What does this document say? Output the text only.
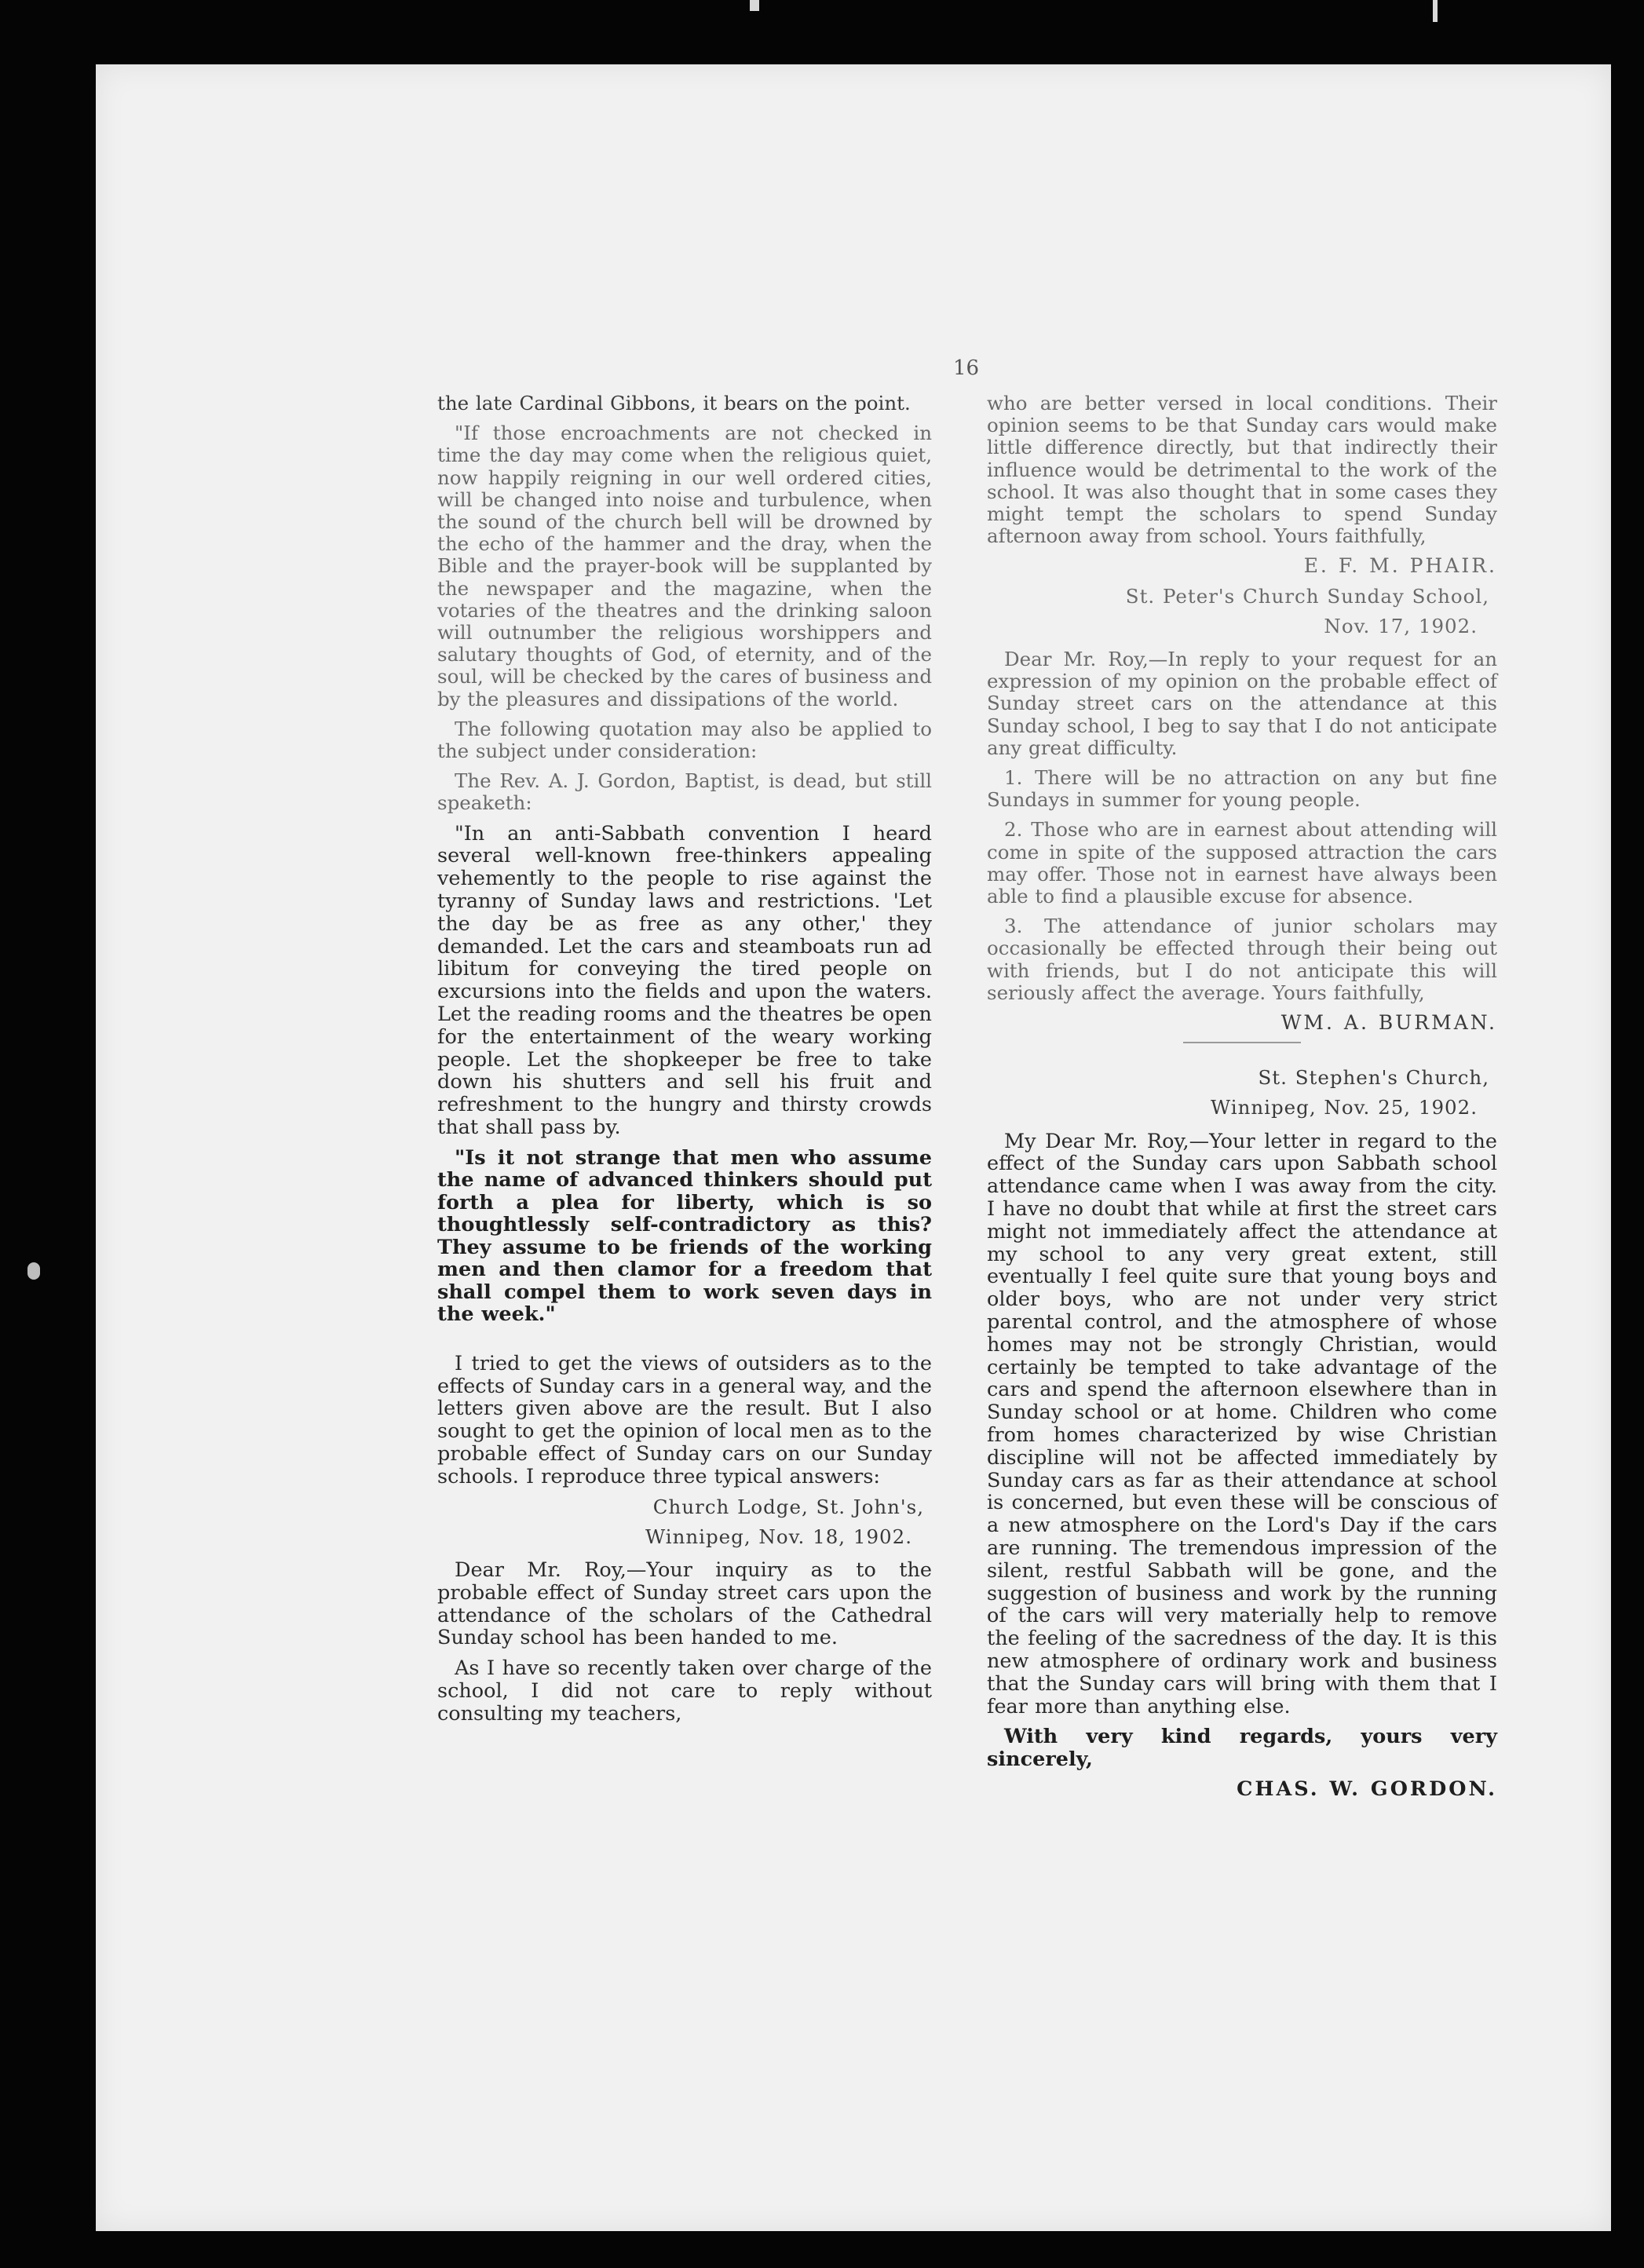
16

the late Cardinal Gibbons, it bears on the point.

"If those encroachments are not checked in time the day may come when the religious quiet, now happily reigning in our well ordered cities, will be changed into noise and turbulence, when the sound of the church bell will be drowned by the echo of the hammer and the dray, when the Bible and the prayer-book will be supplanted by the newspaper and the magazine, when the votaries of the theatres and the drinking saloon will outnumber the religious worshippers and salutary thoughts of God, of eternity, and of the soul, will be checked by the cares of business and by the pleasures and dissipations of the world.

The following quotation may also be applied to the subject under consideration:

The Rev. A. J. Gordon, Baptist, is dead, but still speaketh:

"In an anti-Sabbath convention I heard several well-known free-thinkers appealing vehemently to the people to rise against the tyranny of Sunday laws and restrictions. 'Let the day be as free as any other,' they demanded. Let the cars and steamboats run ad libitum for conveying the tired people on excursions into the fields and upon the waters. Let the reading rooms and the theatres be open for the entertainment of the weary working people. Let the shopkeeper be free to take down his shutters and sell his fruit and refreshment to the hungry and thirsty crowds that shall pass by.

"Is it not strange that men who assume the name of advanced thinkers should put forth a plea for liberty, which is so thoughtlessly self-contradictory as this? They assume to be friends of the working men and then clamor for a freedom that shall compel them to work seven days in the week."

I tried to get the views of outsiders as to the effects of Sunday cars in a general way, and the letters given above are the result. But I also sought to get the opinion of local men as to the probable effect of Sunday cars on our Sunday schools. I reproduce three typical answers:

Church Lodge, St. John's,

Winnipeg, Nov. 18, 1902.

Dear Mr. Roy,—Your inquiry as to the probable effect of Sunday street cars upon the attendance of the scholars of the Cathedral Sunday school has been handed to me.

As I have so recently taken over charge of the school, I did not care to reply without consulting my teachers,

who are better versed in local conditions. Their opinion seems to be that Sunday cars would make little difference directly, but that indirectly their influence would be detrimental to the work of the school. It was also thought that in some cases they might tempt the scholars to spend Sunday afternoon away from school. Yours faithfully,

E. F. M. PHAIR.

St. Peter's Church Sunday School,

Nov. 17, 1902.

Dear Mr. Roy,—In reply to your request for an expression of my opinion on the probable effect of Sunday street cars on the attendance at this Sunday school, I beg to say that I do not anticipate any great difficulty.

1. There will be no attraction on any but fine Sundays in summer for young people.

2. Those who are in earnest about attending will come in spite of the supposed attraction the cars may offer. Those not in earnest have always been able to find a plausible excuse for absence.

3. The attendance of junior scholars may occasionally be effected through their being out with friends, but I do not anticipate this will seriously affect the average. Yours faithfully,

WM. A. BURMAN.

St. Stephen's Church,

Winnipeg, Nov. 25, 1902.

My Dear Mr. Roy,—Your letter in regard to the effect of the Sunday cars upon Sabbath school attendance came when I was away from the city. I have no doubt that while at first the street cars might not immediately affect the attendance at my school to any very great extent, still eventually I feel quite sure that young boys and older boys, who are not under very strict parental control, and the atmosphere of whose homes may not be strongly Christian, would certainly be tempted to take advantage of the cars and spend the afternoon elsewhere than in Sunday school or at home. Children who come from homes characterized by wise Christian discipline will not be affected immediately by Sunday cars as far as their attendance at school is concerned, but even these will be conscious of a new atmosphere on the Lord's Day if the cars are running. The tremendous impression of the silent, restful Sabbath will be gone, and the suggestion of business and work by the running of the cars will very materially help to remove the feeling of the sacredness of the day. It is this new atmosphere of ordinary work and business that the Sunday cars will bring with them that I fear more than anything else.

With very kind regards, yours very sincerely,

CHAS. W. GORDON.
